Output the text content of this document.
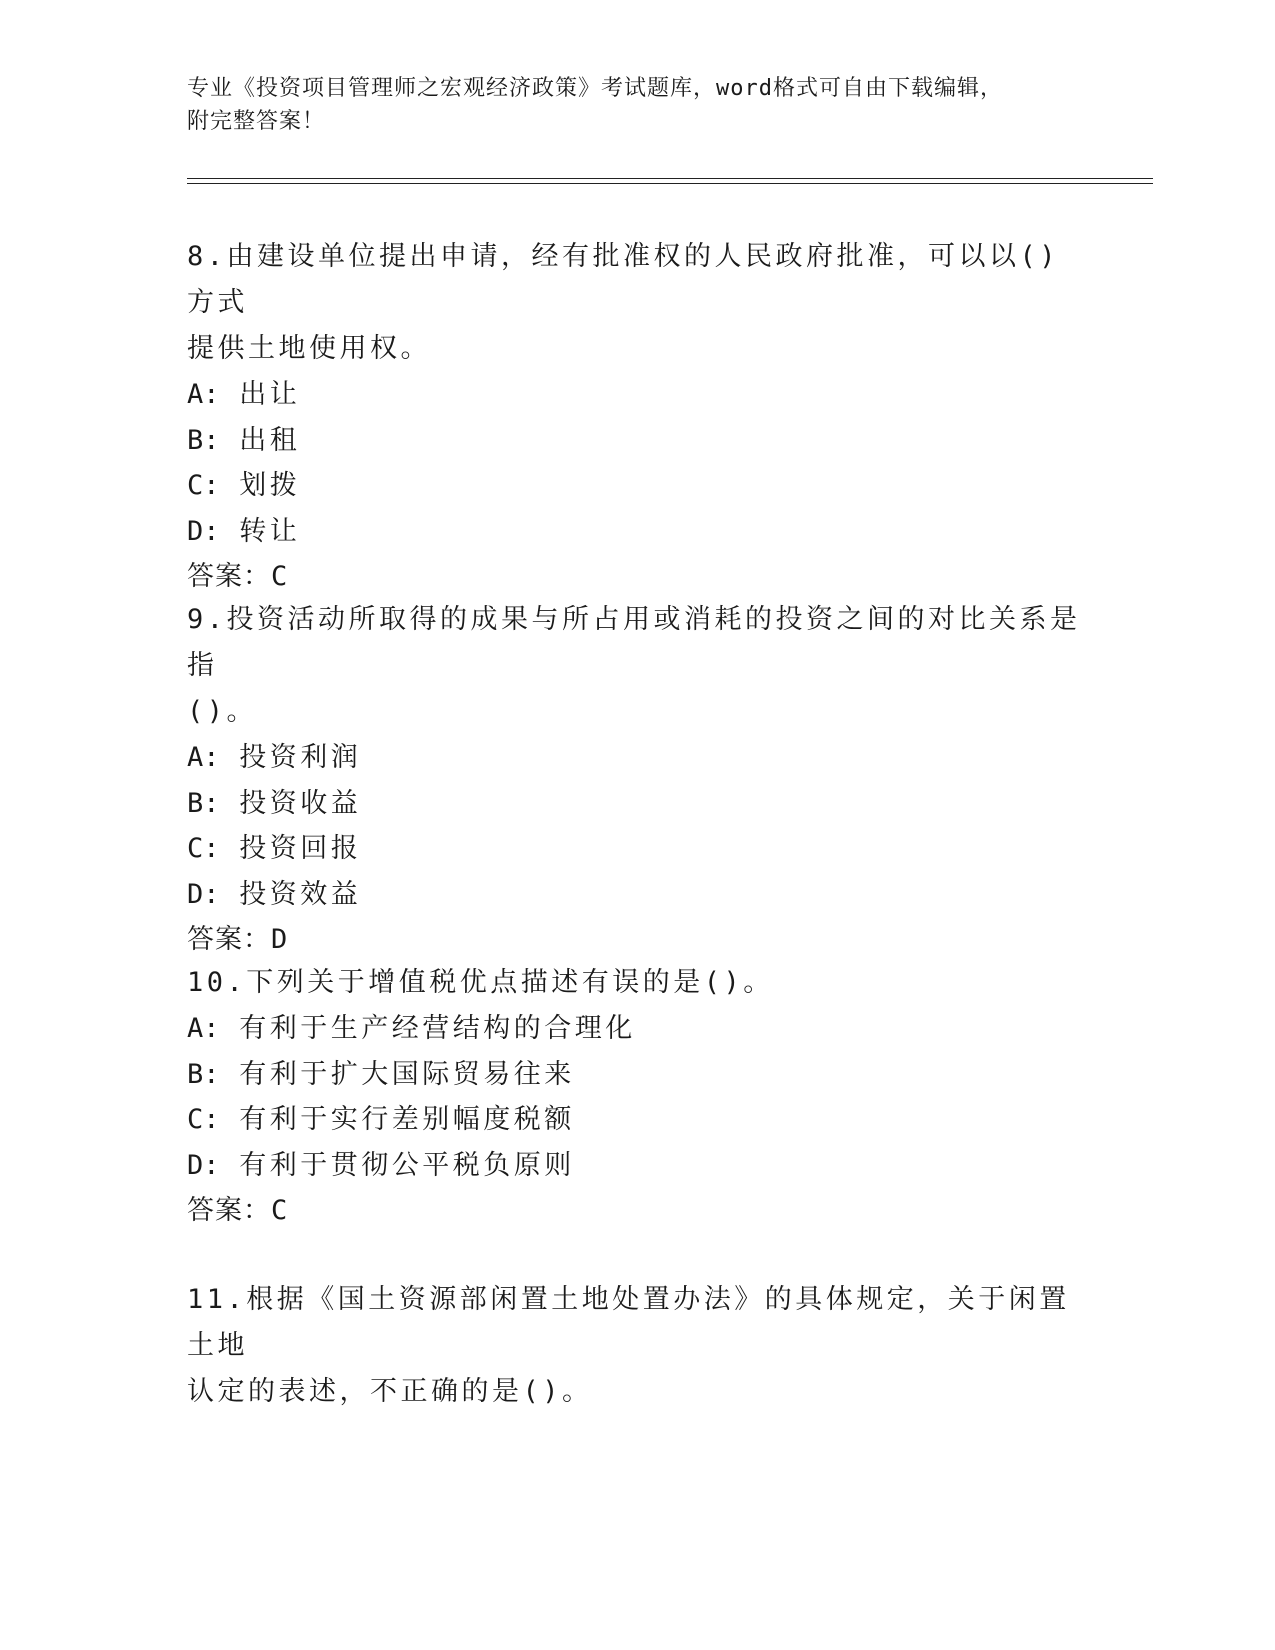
专业《投资项目管理师之宏观经济政策》考试题库，word格式可自由下载编辑，
附完整答案！

8.由建设单位提出申请，经有批准权的人民政府批准，可以以()方式

提供土地使用权。

A: 出让

B: 出租

C: 划拨

D: 转让

答案：C

9.投资活动所取得的成果与所占用或消耗的投资之间的对比关系是指

()。

A: 投资利润

B: 投资收益

C: 投资回报

D: 投资效益

答案：D

10.下列关于增值税优点描述有误的是()。

A: 有利于生产经营结构的合理化

B: 有利于扩大国际贸易往来

C: 有利于实行差别幅度税额

D: 有利于贯彻公平税负原则

答案：C

11.根据《国土资源部闲置土地处置办法》的具体规定，关于闲置土地

认定的表述，不正确的是()。
